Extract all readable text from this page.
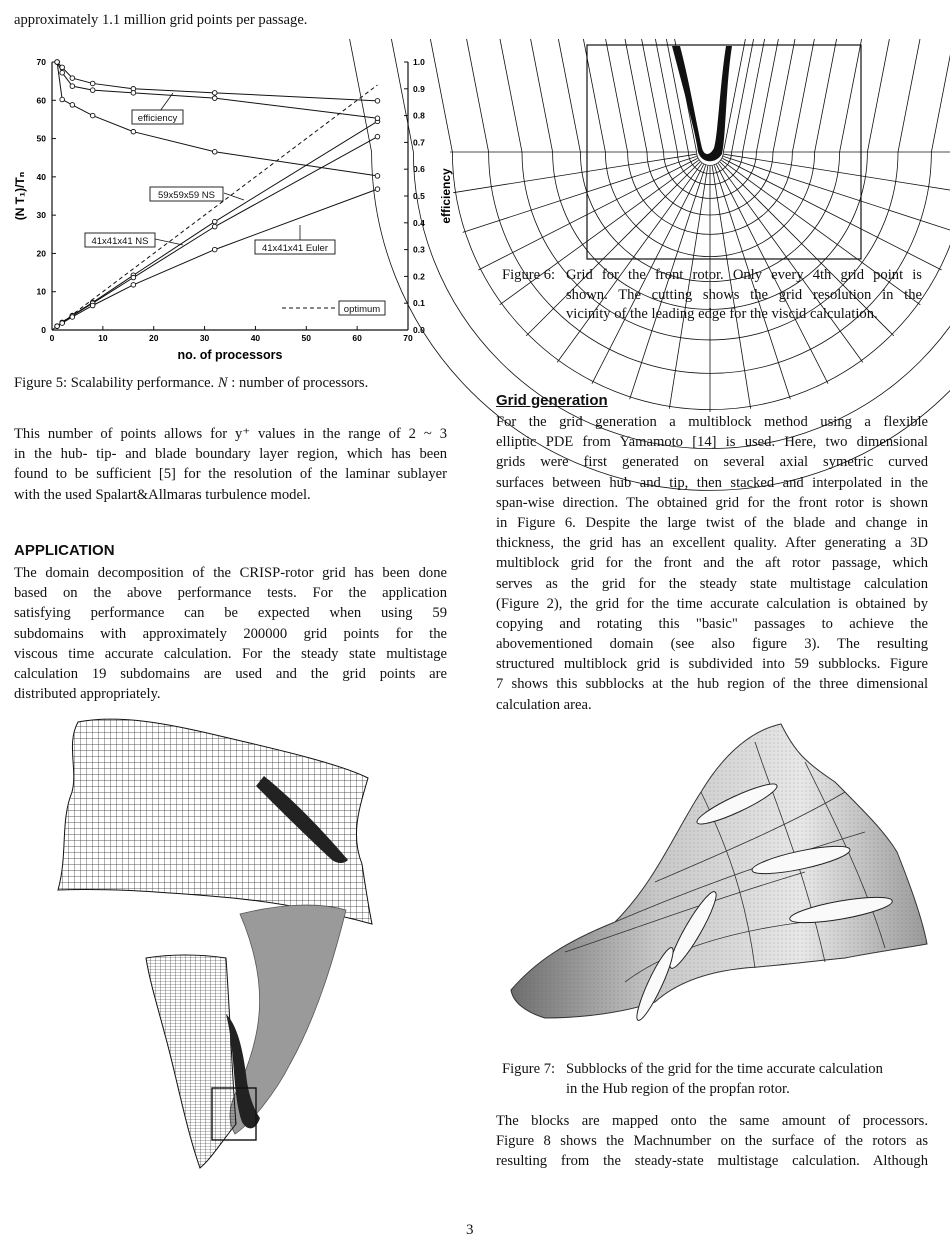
approximately 1.1 million grid points per passage.
0	10	20	30	40	50	60	70
0
10
20
30
40
50
60
70
0.0
0.1
0.2
0.3
0.4
0.5
0.6
0.7
0.8
0.9
1.0
no. of processors
(N T₁)/Tₙ	efficiency
efficiency
59x59x59 NS
41x41x41 NS
41x41x41 Euler
optimum
Figure 5: Scalability performance. N : number of processors.
This number of points allows for y⁺ values in the range of 2 ~ 3
in the hub- tip- and blade boundary layer region, which has been
found to be sufficient [5] for the resolution of the laminar sublayer
with the used Spalart&Allmaras turbulence model.
APPLICATION
The domain decomposition of the CRISP-rotor grid has been done
based on the above performance tests. For the application
satisfying performance can be expected when using 59
subdomains with approximately 200000 grid points for the
viscous time accurate calculation. For the steady state multistage
calculation 19 subdomains are used and the grid points are
distributed appropriately.
Figure 6: Grid for the front rotor. Only every 4th grid point is
shown. The cutting shows the grid resolution in the
vicinity of the leading edge for the viscid calculation.
Grid generation
For the grid generation a multiblock method using a flexible
elliptic PDE from Yamamoto [14] is used. Here, two dimensional
grids were first generated on several axial symetric curved
surfaces between hub and tip, then stacked and interpolated in the
span-wise direction. The obtained grid for the front rotor is shown
in Figure 6. Despite the large twist of the blade and change in
thickness, the grid has an excellent quality. After generating a 3D
multiblock grid for the front and the aft rotor passage, which
serves as the grid for the steady state multistage calculation
(Figure 2), the grid for the time accurate calculation is obtained by
copying and rotating this "basic" passages to achieve the
abovementioned domain (see also figure 3). The resulting
structured multiblock grid is subdivided into 59 subblocks. Figure
7 shows this subblocks at the hub region of the three dimensional
calculation area.
Figure 7: Subblocks of the grid for the time accurate calculation
in the Hub region of the propfan rotor.
The blocks are mapped onto the same amount of processors.
Figure 8 shows the Machnumber on the surface of the rotors as
resulting from the steady-state multistage calculation. Although
3
